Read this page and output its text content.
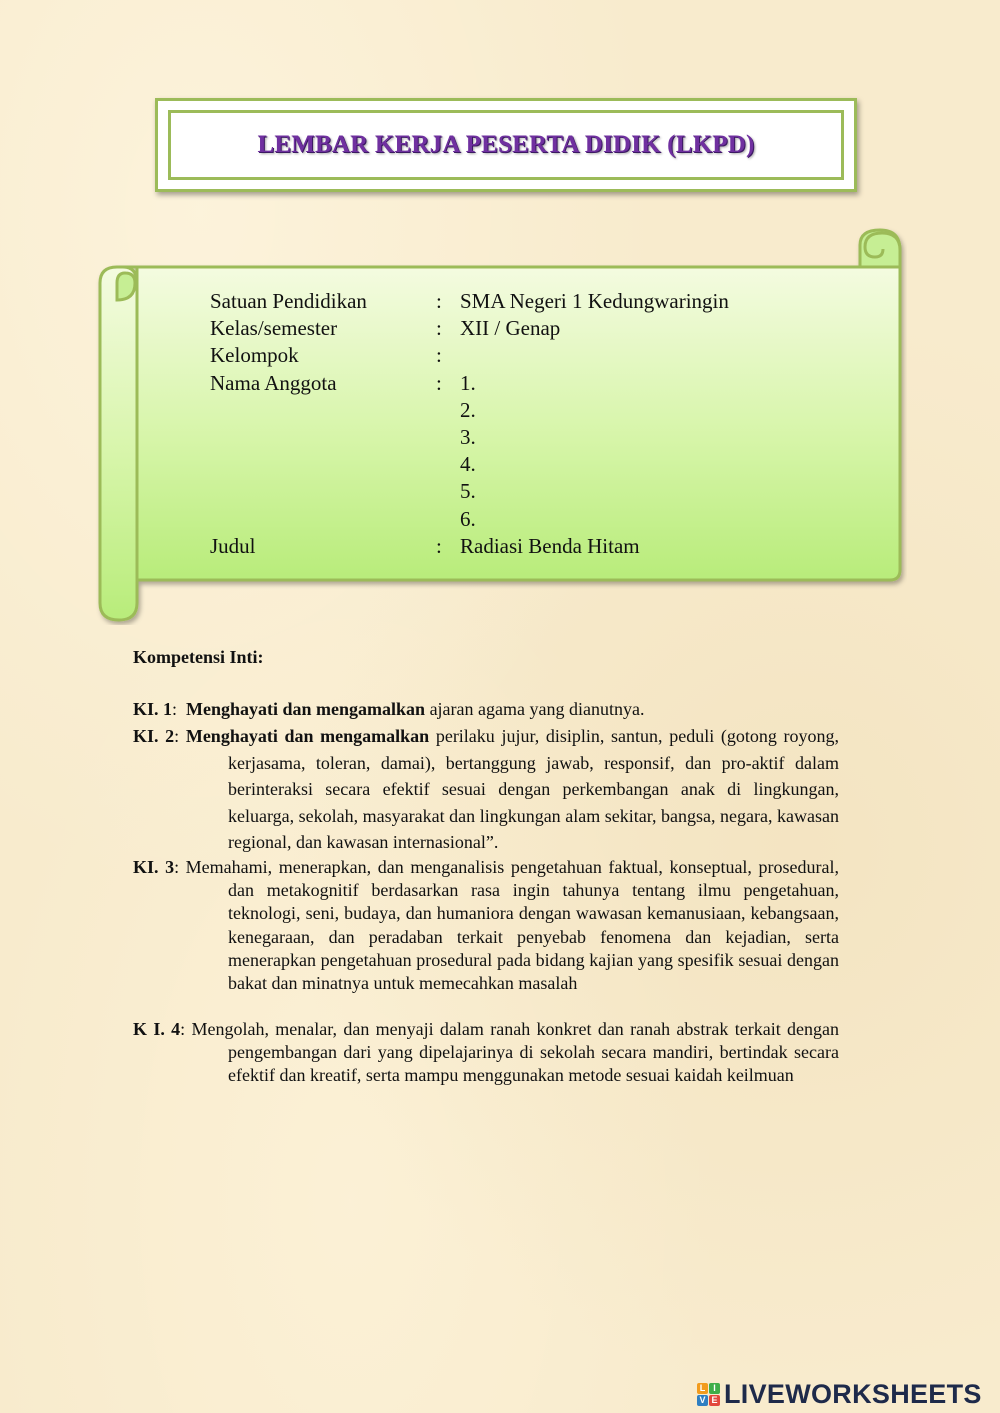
LEMBAR KERJA PESERTA DIDIK (LKPD)
Satuan Pendidikan	: SMA Negeri 1 Kedungwaringin
Kelas/semester	: XII / Genap
Kelompok	:
Nama Anggota	: 1.
2.
3.
4.
5.
6.
Judul	: Radiasi Benda Hitam
Kompetensi Inti:

KI. 1:  Menghayati dan mengamalkan ajaran agama yang dianutnya.

KI. 2: Menghayati dan mengamalkan perilaku jujur, disiplin, santun, peduli (gotong royong, kerjasama, toleran, damai), bertanggung jawab, responsif, dan pro-aktif dalam berinteraksi secara efektif sesuai dengan perkembangan anak di lingkungan, keluarga, sekolah, masyarakat dan lingkungan alam sekitar, bangsa, negara, kawasan regional, dan kawasan internasional”.

KI. 3: Memahami, menerapkan, dan menganalisis pengetahuan faktual, konseptual, prosedural, dan metakognitif berdasarkan rasa ingin tahunya tentang ilmu pengetahuan, teknologi, seni, budaya, dan humaniora dengan wawasan kemanusiaan, kebangsaan, kenegaraan, dan peradaban terkait penyebab fenomena dan kejadian, serta menerapkan pengetahuan prosedural pada bidang kajian yang spesifik sesuai dengan bakat dan minatnya untuk memecahkan masalah

K I. 4: Mengolah, menalar, dan menyaji dalam ranah konkret dan ranah abstrak terkait dengan pengembangan dari yang dipelajarinya di sekolah secara mandiri, bertindak secara efektif dan kreatif, serta mampu menggunakan metode sesuai kaidah keilmuan

L I
V E LIVEWORKSHEETS
